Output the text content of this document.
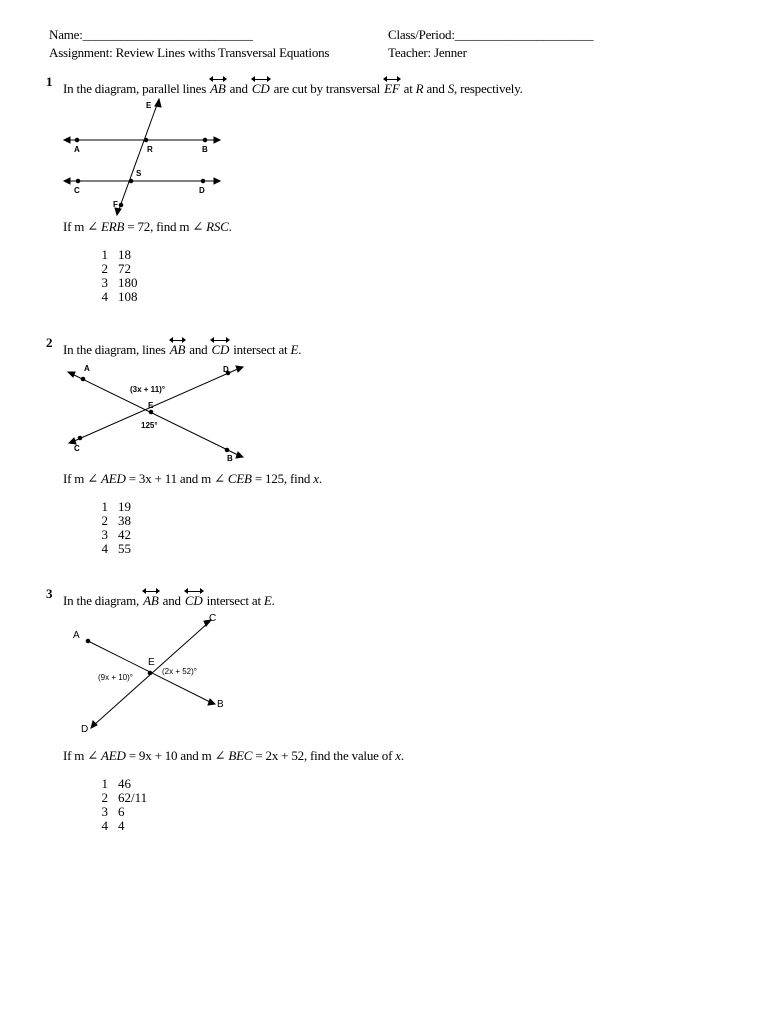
Name:___________________________	Class/Period:______________________
Assignment: Review Lines withs Transversal Equations	Teacher: Jenner
1 In the diagram, parallel lines
AB and
CD are cut by transversal
EF at R and S, respectively.
E
A	R	B
S
C	D
F
If m ∠ ERB = 72, find m ∠ RSC.
1 18
2 72
3 180
4 108
2 In the diagram, lines
AB and
CD intersect at E.
A	D
(3x + 11)°
E
125°
C
B
If m ∠ AED = 3x + 11 and m ∠ CEB = 125, find x.
1 19
2 38
3 42
4 55
3 In the diagram,
AB and
CD intersect at E.
A
C
E
B
D
(9x + 10)°
(2x + 52)°
If m ∠ AED = 9x + 10 and m ∠ BEC = 2x + 52, find the value of x.
1 46
2 62/11
3 6
4 4
